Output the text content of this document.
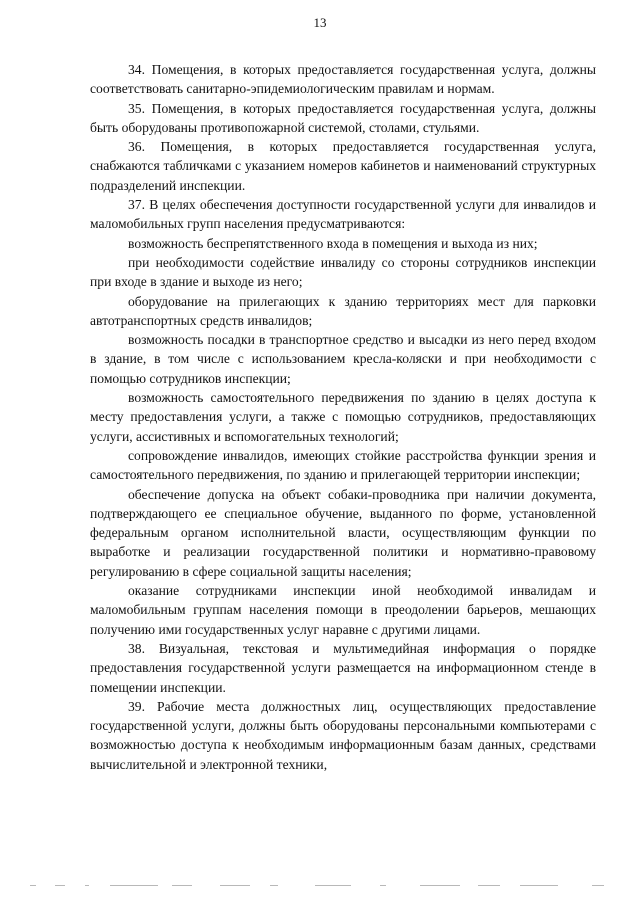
13

34. Помещения, в которых предоставляется государственная услуга, должны соответствовать санитарно-эпидемиологическим правилам и нормам.

35. Помещения, в которых предоставляется государственная услуга, должны быть оборудованы противопожарной системой, столами, стульями.

36. Помещения, в которых предоставляется государственная услуга, снабжаются табличками с указанием номеров кабинетов и наименований структурных подразделений инспекции.

37. В целях обеспечения доступности государственной услуги для инвалидов и маломобильных групп населения предусматриваются:

возможность беспрепятственного входа в помещения и выхода из них;

при необходимости содействие инвалиду со стороны сотрудников инспекции при входе в здание и выходе из него;

оборудование на прилегающих к зданию территориях мест для парковки автотранспортных средств инвалидов;

возможность посадки в транспортное средство и высадки из него перед входом в здание, в том числе с использованием кресла-коляски и при необходимости с помощью сотрудников инспекции;

возможность самостоятельного передвижения по зданию в целях доступа к месту предоставления услуги, а также с помощью сотрудников, предоставляющих услуги, ассистивных и вспомогательных технологий;

сопровождение инвалидов, имеющих стойкие расстройства функции зрения и самостоятельного передвижения, по зданию и прилегающей территории инспекции;

обеспечение допуска на объект собаки-проводника при наличии документа, подтверждающего ее специальное обучение, выданного по форме, установленной федеральным органом исполнительной власти, осуществляющим функции по выработке и реализации государственной политики и нормативно-правовому регулированию в сфере социальной защиты населения;

оказание сотрудниками инспекции иной необходимой инвалидам и маломобильным группам населения помощи в преодолении барьеров, мешающих получению ими государственных услуг наравне с другими лицами.

38. Визуальная, текстовая и мультимедийная информация о порядке предоставления государственной услуги размещается на информационном стенде в помещении инспекции.

39. Рабочие места должностных лиц, осуществляющих предоставление государственной услуги, должны быть оборудованы персональными компьютерами с возможностью доступа к необходимым информационным базам данных, средствами вычислительной и электронной техники,
